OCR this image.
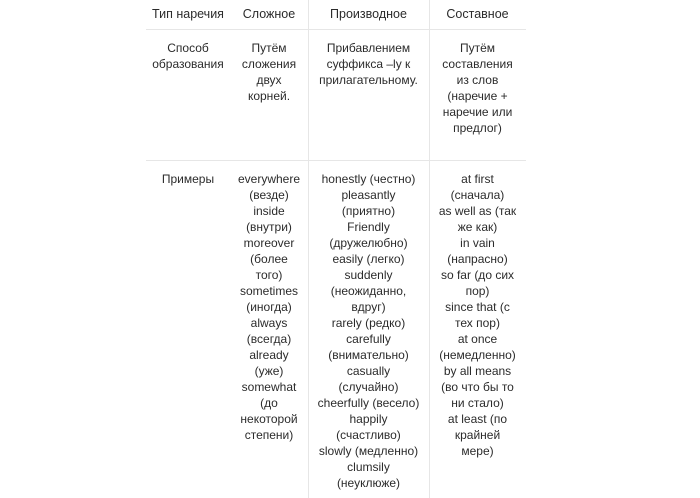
Тип наречия
Способ
образования
Примеры
Сложное
Путём
сложения
двух
корней.
everywhere
(везде)
inside
(внутри)
moreover
(более
того)
sometimes
(иногда)
always
(всегда)
already
(уже)
somewhat
(до
некоторой
степени)
Производное
Прибавлением
суффикса –ly к
прилагательному.
honestly (честно)
pleasantly
(приятно)
Friendly
(дружелюбно)
easily (легко)
suddenly
(неожиданно,
вдруг)
rarely (редко)
carefully
(внимательно)
casually
(случайно)
cheerfully (весело)
happily
(счастливо)
slowly (медленно)
clumsily
(неуклюже)
Составное
Путём
составления
из слов
(наречие +
наречие или
предлог)
at first
(сначала)
as well as (так
же как)
in vain
(напрасно)
so far (до сих
пор)
since that (с
тех пор)
at once
(немедленно)
by all means
(во что бы то
ни стало)
at least (по
крайней
мере)
